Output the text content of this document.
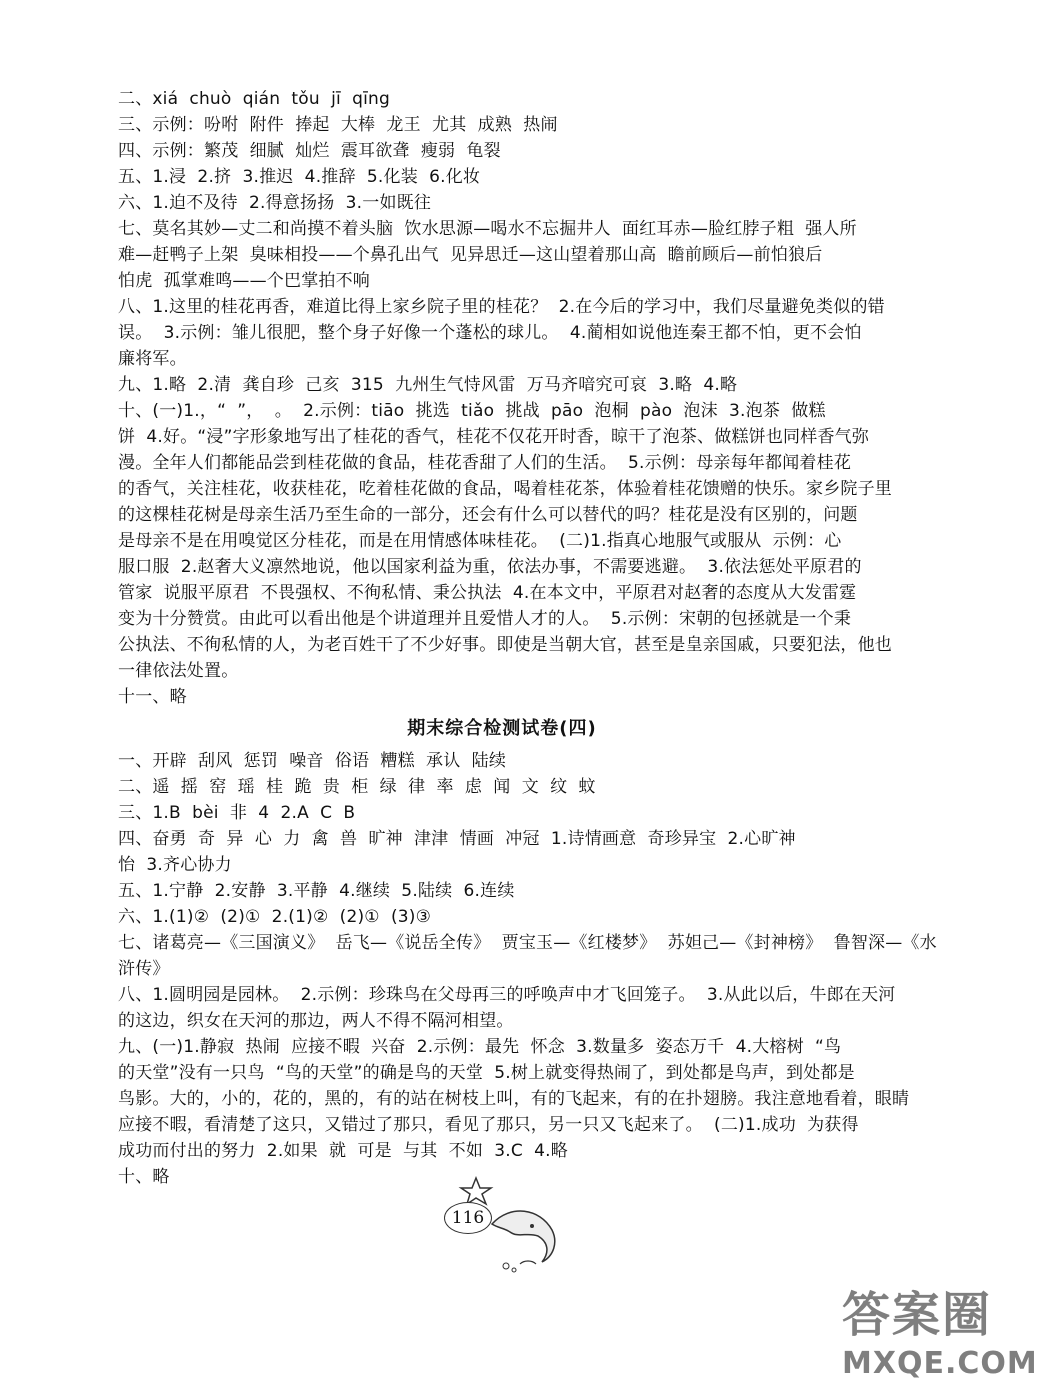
二、xiá  chuò  qián  tǒu  jī  qīng
三、示例：吩咐  附件  捧起  大棒  龙王  尤其  成熟  热闹
四、示例：繁茂  细腻  灿烂  震耳欲聋  瘦弱  龟裂
五、1.浸  2.挤  3.推迟  4.推辞  5.化装  6.化妆
六、1.迫不及待  2.得意扬扬  3.一如既往
七、莫名其妙—丈二和尚摸不着头脑  饮水思源—喝水不忘掘井人  面红耳赤—脸红脖子粗  强人所
难—赶鸭子上架  臭味相投——个鼻孔出气  见异思迁—这山望着那山高  瞻前顾后—前怕狼后
怕虎  孤掌难鸣——个巴掌拍不响
八、1.这里的桂花再香，难道比得上家乡院子里的桂花？  2.在今后的学习中，我们尽量避免类似的错
误。  3.示例：雏儿很肥，整个身子好像一个蓬松的球儿。  4.蔺相如说他连秦王都不怕，更不会怕
廉将军。
九、1.略  2.清  龚自珍  己亥  315  九州生气恃风雷  万马齐喑究可哀  3.略  4.略
十、(一)1.，“  ”，  。  2.示例：tiāo  挑选  tiǎo  挑战  pāo  泡桐  pào  泡沫  3.泡茶  做糕
饼  4.好。“浸”字形象地写出了桂花的香气，桂花不仅花开时香，晾干了泡茶、做糕饼也同样香气弥
漫。全年人们都能品尝到桂花做的食品，桂花香甜了人们的生活。  5.示例：母亲每年都闻着桂花
的香气，关注桂花，收获桂花，吃着桂花做的食品，喝着桂花茶，体验着桂花馈赠的快乐。家乡院子里
的这棵桂花树是母亲生活乃至生命的一部分，还会有什么可以替代的吗？桂花是没有区别的，问题
是母亲不是在用嗅觉区分桂花，而是在用情感体味桂花。  (二)1.指真心地服气或服从  示例：心
服口服  2.赵奢大义凛然地说，他以国家利益为重，依法办事，不需要逃避。  3.依法惩处平原君的
管家  说服平原君  不畏强权、不徇私情、秉公执法  4.在本文中，平原君对赵奢的态度从大发雷霆
变为十分赞赏。由此可以看出他是个讲道理并且爱惜人才的人。  5.示例：宋朝的包拯就是一个秉
公执法、不徇私情的人，为老百姓干了不少好事。即使是当朝大官，甚至是皇亲国戚，只要犯法，他也
一律依法处置。
十一、略
期末综合检测试卷(四)
一、开辟  刮风  惩罚  噪音  俗语  糟糕  承认  陆续
二、遥  摇  窑  瑶  桂  跪  贵  柜  绿  律  率  虑  闻  文  纹  蚊
三、1.B  bèi  非  4  2.A  C  B
四、奋勇  奇  异  心  力  禽  兽  旷神  津津  情画  冲冠  1.诗情画意  奇珍异宝  2.心旷神
怡  3.齐心协力
五、1.宁静  2.安静  3.平静  4.继续  5.陆续  6.连续
六、1.(1)②  (2)①  2.(1)②  (2)①  (3)③
七、诸葛亮—《三国演义》  岳飞—《说岳全传》  贾宝玉—《红楼梦》  苏妲己—《封神榜》  鲁智深—《水
浒传》
八、1.圆明园是园林。  2.示例：珍珠鸟在父母再三的呼唤声中才飞回笼子。  3.从此以后，牛郎在天河
的这边，织女在天河的那边，两人不得不隔河相望。
九、(一)1.静寂  热闹  应接不暇  兴奋  2.示例：最先  怀念  3.数量多  姿态万千  4.大榕树  “鸟
的天堂”没有一只鸟  “鸟的天堂”的确是鸟的天堂  5.树上就变得热闹了，到处都是鸟声，到处都是
鸟影。大的，小的，花的，黑的，有的站在树枝上叫，有的飞起来，有的在扑翅膀。我注意地看着，眼睛
应接不暇，看清楚了这只，又错过了那只，看见了那只，另一只又飞起来了。  (二)1.成功  为获得
成功而付出的努力  2.如果  就  可是  与其  不如  3.C  4.略
十、略
116
答案圈
MXQE.COM
